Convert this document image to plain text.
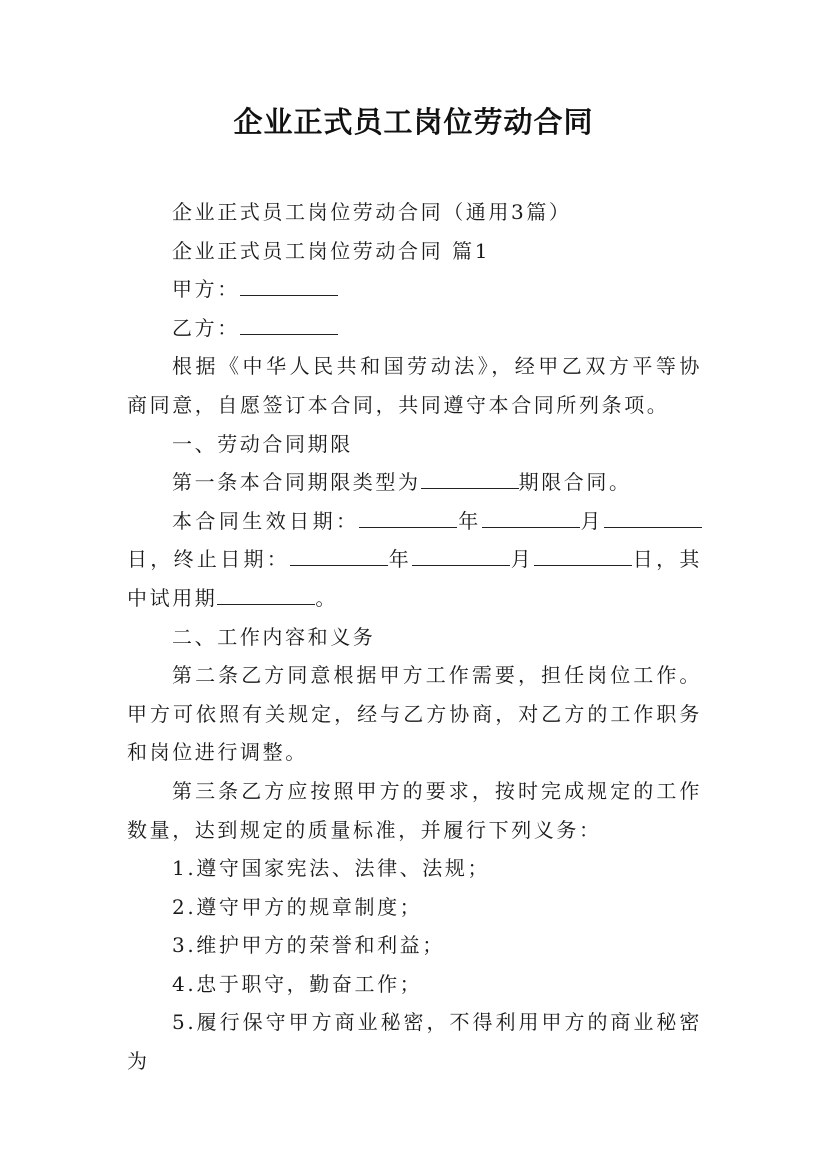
企业正式员工岗位劳动合同

企业正式员工岗位劳动合同（通用3篇）

企业正式员工岗位劳动合同 篇1

甲方：

乙方：

根据《中华人民共和国劳动法》，经甲乙双方平等协商同意，自愿签订本合同，共同遵守本合同所列条项。

一、劳动合同期限

第一条本合同期限类型为	期限合同。

本合同生效日期：	年	月日，终止日期：	年	月	日，其中试用期	。

二、工作内容和义务

第二条乙方同意根据甲方工作需要，担任岗位工作。甲方可依照有关规定，经与乙方协商，对乙方的工作职务和岗位进行调整。

第三条乙方应按照甲方的要求，按时完成规定的工作数量，达到规定的质量标准，并履行下列义务：

1.遵守国家宪法、法律、法规；

2.遵守甲方的规章制度；

3.维护甲方的荣誉和利益；

4.忠于职守，勤奋工作；

5.履行保守甲方商业秘密，不得利用甲方的商业秘密为
